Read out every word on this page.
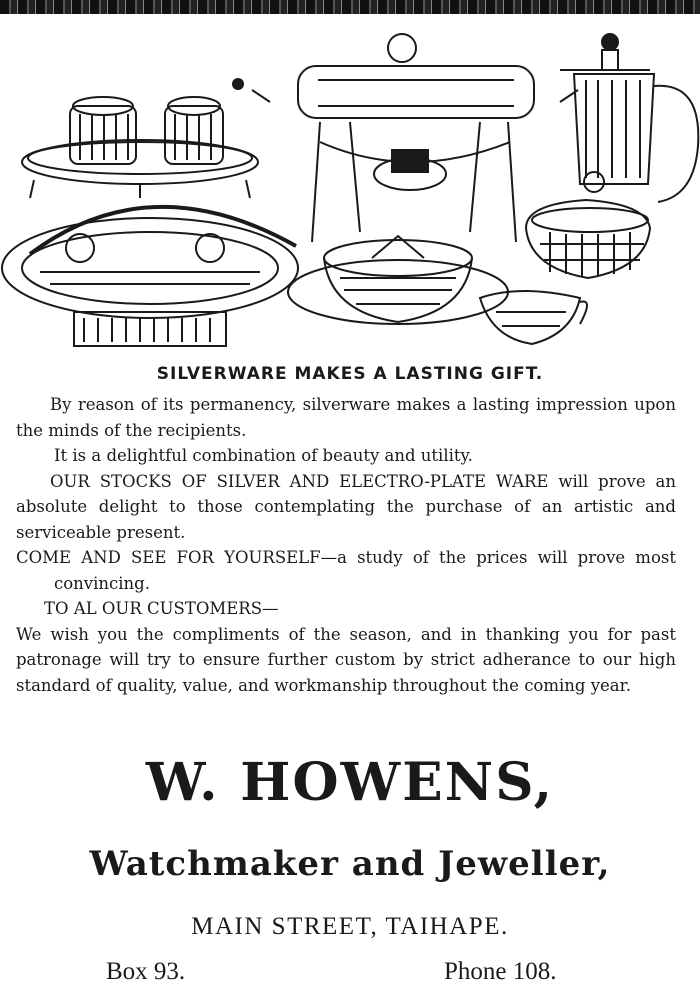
SILVERWARE MAKES A LASTING GIFT.

By reason of its permanency, silverware makes a lasting impression upon the minds of the recipients.

It is a delightful combination of beauty and utility.

OUR STOCKS OF SILVER AND ELECTRO-PLATE WARE will prove an absolute delight to those contemplating the purchase of an artistic and serviceable present.

COME AND SEE FOR YOURSELF—a study of the prices will prove most convincing.

TO AL OUR CUSTOMERS—

We wish you the compliments of the season, and in thanking you for past patronage will try to ensure further custom by strict adherance to our high standard of quality, value, and workmanship throughout the coming year.

W. HOWENS,
Watchmaker and Jeweller,
MAIN STREET, TAIHAPE.
Box 93.	Phone 108.
